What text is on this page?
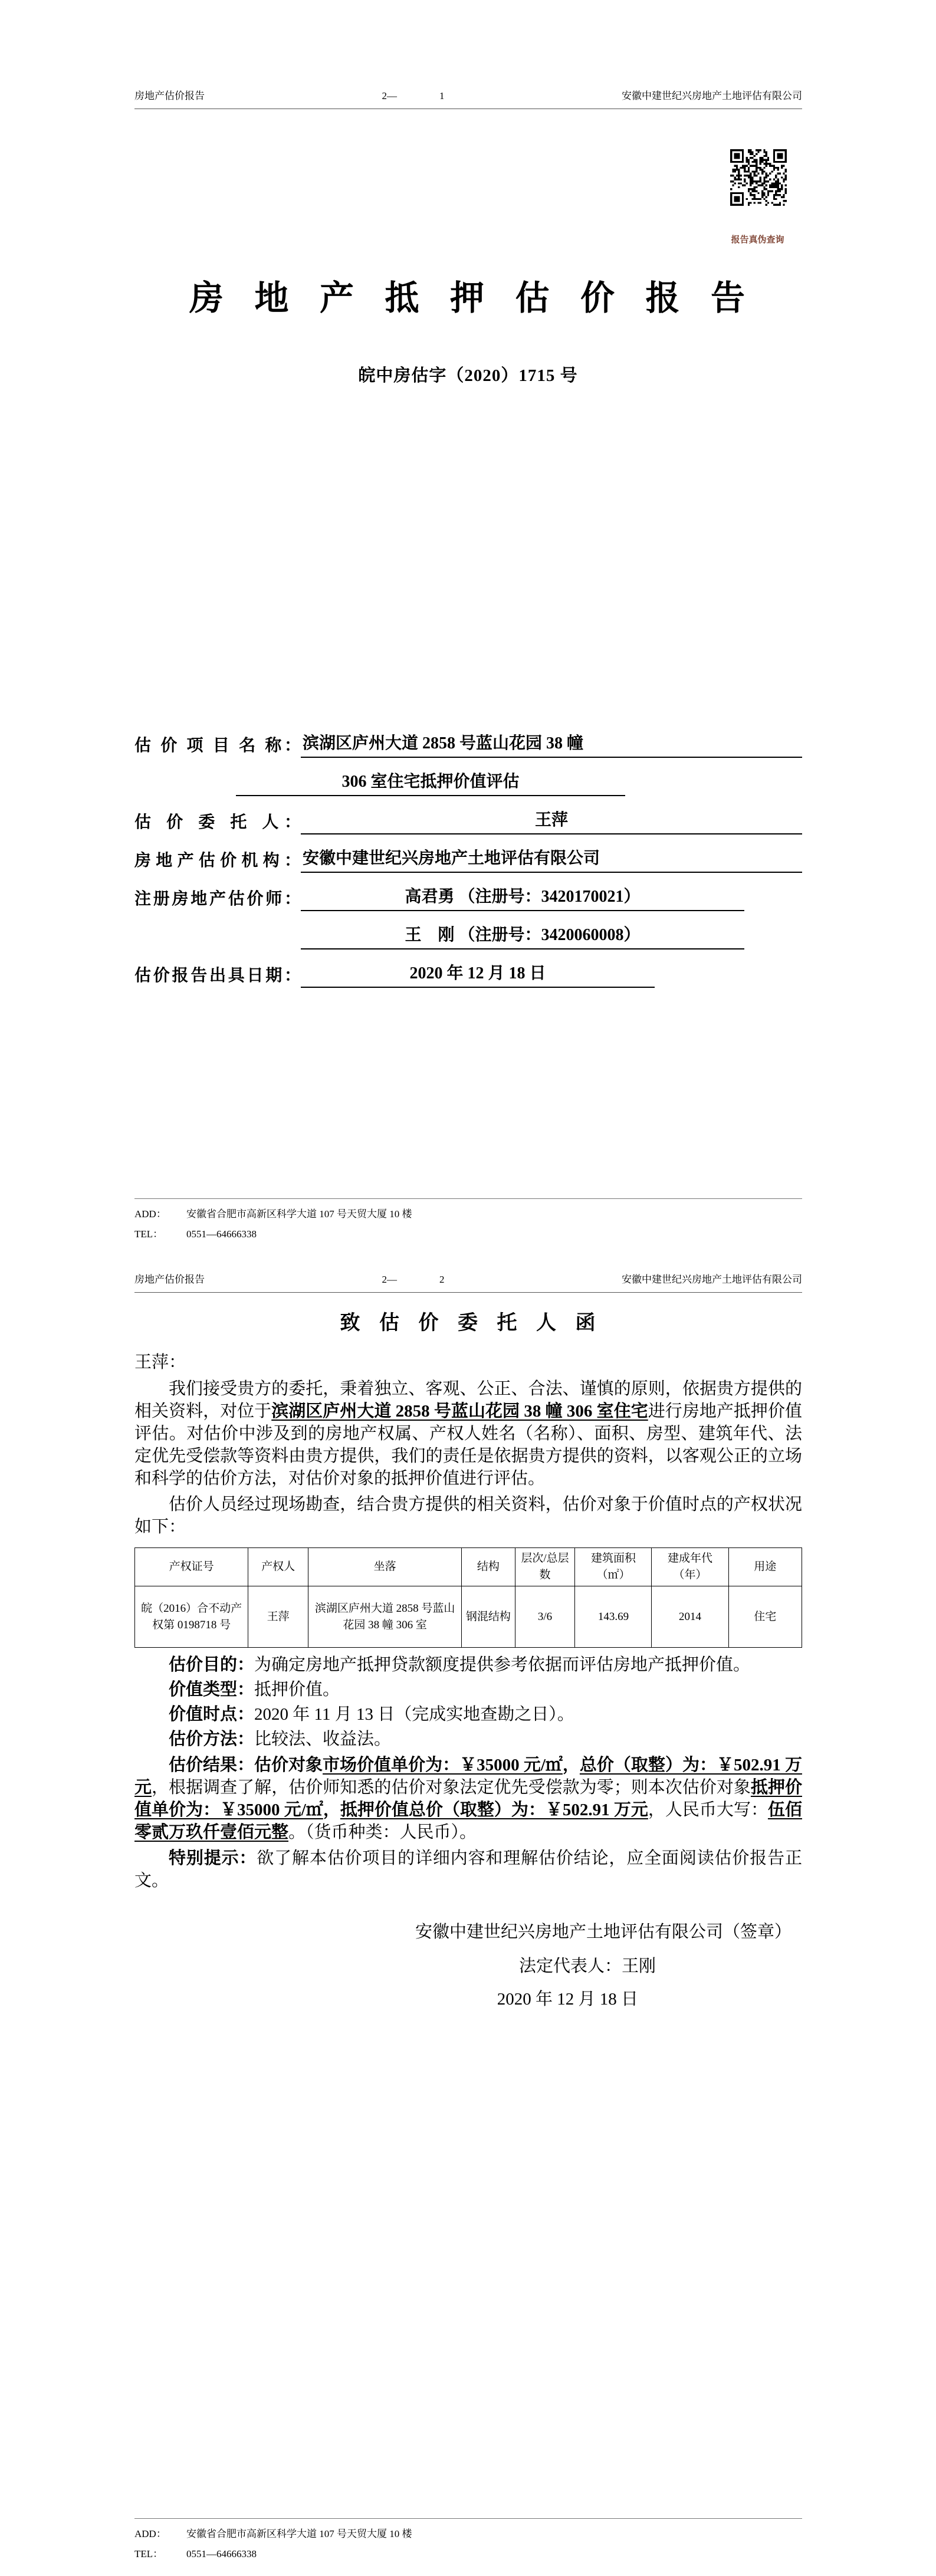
房地产估价报告	2—	1	安徽中建世纪兴房地产土地评估有限公司
报告真伪查询
房 地 产 抵 押 估 价 报 告
皖中房估字（2020）1715 号
估 价 项 目 名 称： 滨湖区庐州大道 2858 号蓝山花园 38 幢
306 室住宅抵押价值评估
估 价 委 托 人：	王萍
房地产估价机构： 安徽中建世纪兴房地产土地评估有限公司
注册房地产估价师：	高君勇 （注册号：3420170021）
王　刚 （注册号：3420060008）
估价报告出具日期：	2020 年 12 月 18 日
ADD：	安徽省合肥市高新区科学大道 107 号天贸大厦 10 楼
TEL：	0551—64666338
房地产估价报告	2—	2	安徽中建世纪兴房地产土地评估有限公司
致 估 价 委 托 人 函
王萍：

我们接受贵方的委托，秉着独立、客观、公正、合法、谨慎的原则，依据贵方提供的相关资料，对位于滨湖区庐州大道 2858 号蓝山花园 38 幢 306 室住宅进行房地产抵押价值评估。对估价中涉及到的房地产权属、产权人姓名（名称）、面积、房型、建筑年代、法定优先受偿款等资料由贵方提供，我们的责任是依据贵方提供的资料，以客观公正的立场和科学的估价方法，对估价对象的抵押价值进行评估。

估价人员经过现场勘查，结合贵方提供的相关资料，估价对象于价值时点的产权状况如下：

产权证号	产权人	坐落	结构	层次/总层数	建筑面积（㎡）	建成年代（年）	用途
皖（2016）合不动产权第 0198718 号	王萍	滨湖区庐州大道 2858 号蓝山花园 38 幢 306 室	钢混结构	3/6	143.69	2014	住宅

估价目的：为确定房地产抵押贷款额度提供参考依据而评估房地产抵押价值。

价值类型：抵押价值。

价值时点：2020 年 11 月 13 日（完成实地查勘之日）。

估价方法：比较法、收益法。

估价结果：估价对象市场价值单价为：￥35000 元/㎡，总价（取整）为：￥502.91 万元，根据调查了解，估价师知悉的估价对象法定优先受偿款为零；则本次估价对象抵押价值单价为：￥35000 元/㎡，抵押价值总价（取整）为：￥502.91 万元，人民币大写：伍佰零贰万玖仟壹佰元整。（货币种类：人民币）。

特别提示：欲了解本估价项目的详细内容和理解估价结论，应全面阅读估价报告正文。

安徽中建世纪兴房地产土地评估有限公司（签章）
法定代表人：王刚
2020 年 12 月 18 日
ADD：	安徽省合肥市高新区科学大道 107 号天贸大厦 10 楼
TEL：	0551—64666338
